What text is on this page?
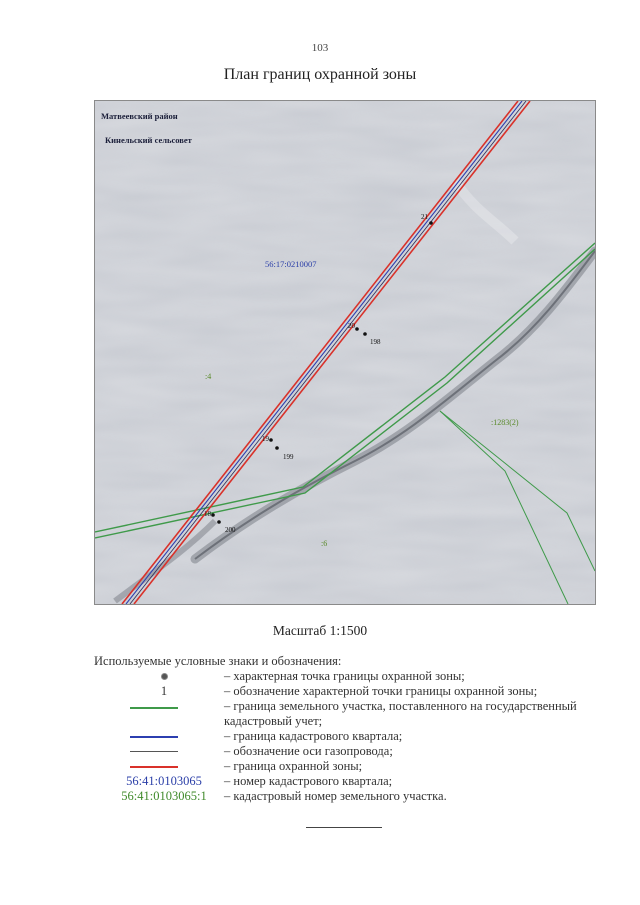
103
План границ охранной зоны
21
20
198
19
199
18
200
Матвеевский район
Кинельский сельсовет
56:17:0210007
:4
:6
:1283(2)
Масштаб 1:1500
Используемые условные знаки и обозначения:
– характерная точка границы охранной зоны;
1	– обозначение характерной точки границы охранной зоны;
– граница земельного участка, поставленного на государственный кадастровый учет;
– граница кадастрового квартала;
– обозначение оси газопровода;
– граница охранной зоны;
56:41:0103065	– номер кадастрового квартала;
56:41:0103065:1	– кадастровый номер земельного участка.
